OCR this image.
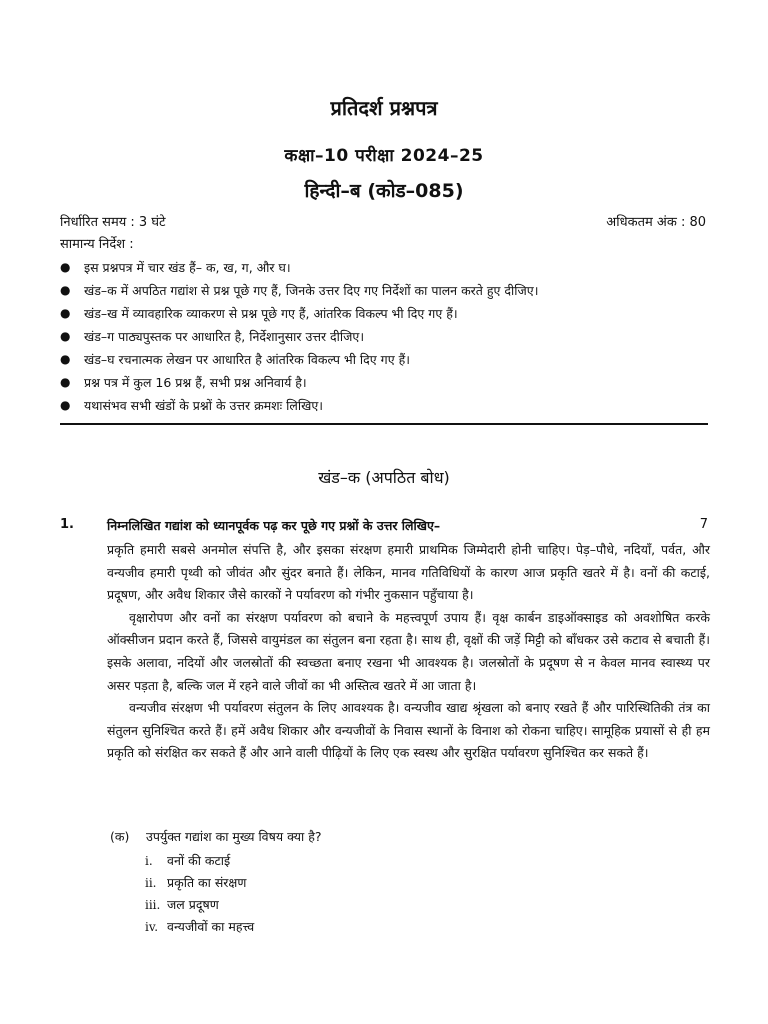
प्रतिदर्श प्रश्नपत्र
कक्षा–10 परीक्षा 2024–25
हिन्दी–ब (कोड–085)
निर्धारित समय : 3 घंटे	अधिकतम अंक : 80
सामान्य निर्देश :
● इस प्रश्नपत्र में चार खंड हैं– क, ख, ग, और घ।
● खंड–क में अपठित गद्यांश से प्रश्न पूछे गए हैं, जिनके उत्तर दिए गए निर्देशों का पालन करते हुए दीजिए।
● खंड–ख में व्यावहारिक व्याकरण से प्रश्न पूछे गए हैं, आंतरिक विकल्प भी दिए गए हैं।
● खंड–ग पाठ्यपुस्तक पर आधारित है, निर्देशानुसार उत्तर दीजिए।
● खंड–घ रचनात्मक लेखन पर आधारित है आंतरिक विकल्प भी दिए गए हैं।
● प्रश्न पत्र में कुल 16 प्रश्न हैं, सभी प्रश्न अनिवार्य है।
● यथासंभव सभी खंडों के प्रश्नों के उत्तर क्रमशः लिखिए।
खंड–क (अपठित बोध)
1.	निम्नलिखित गद्यांश को ध्यानपूर्वक पढ़ कर पूछे गए प्रश्नों के उत्तर लिखिए–	7

प्रकृति हमारी सबसे अनमोल संपत्ति है, और इसका संरक्षण हमारी प्राथमिक जिम्मेदारी होनी चाहिए। पेड़–पौधे, नदियाँ, पर्वत, और वन्यजीव हमारी पृथ्वी को जीवंत और सुंदर बनाते हैं। लेकिन, मानव गतिविधियों के कारण आज प्रकृति खतरे में है। वनों की कटाई, प्रदूषण, और अवैध शिकार जैसे कारकों ने पर्यावरण को गंभीर नुकसान पहुँचाया है।

वृक्षारोपण और वनों का संरक्षण पर्यावरण को बचाने के महत्त्वपूर्ण उपाय हैं। वृक्ष कार्बन डाइऑक्साइड को अवशोषित करके ऑक्सीजन प्रदान करते हैं, जिससे वायुमंडल का संतुलन बना रहता है। साथ ही, वृक्षों की जड़ें मिट्टी को बाँधकर उसे कटाव से बचाती हैं। इसके अलावा, नदियों और जलस्रोतों की स्वच्छता बनाए रखना भी आवश्यक है। जलस्रोतों के प्रदूषण से न केवल मानव स्वास्थ्य पर असर पड़ता है, बल्कि जल में रहने वाले जीवों का भी अस्तित्व खतरे में आ जाता है।

वन्यजीव संरक्षण भी पर्यावरण संतुलन के लिए आवश्यक है। वन्यजीव खाद्य श्रृंखला को बनाए रखते हैं और पारिस्थितिकी तंत्र का संतुलन सुनिश्चित करते हैं। हमें अवैध शिकार और वन्यजीवों के निवास स्थानों के विनाश को रोकना चाहिए। सामूहिक प्रयासों से ही हम प्रकृति को संरक्षित कर सकते हैं और आने वाली पीढ़ियों के लिए एक स्वस्थ और सुरक्षित पर्यावरण सुनिश्चित कर सकते हैं।

(क) उपर्युक्त गद्यांश का मुख्य विषय क्या है?
i. वनों की कटाई
ii. प्रकृति का संरक्षण
iii. जल प्रदूषण
iv. वन्यजीवों का महत्त्व
